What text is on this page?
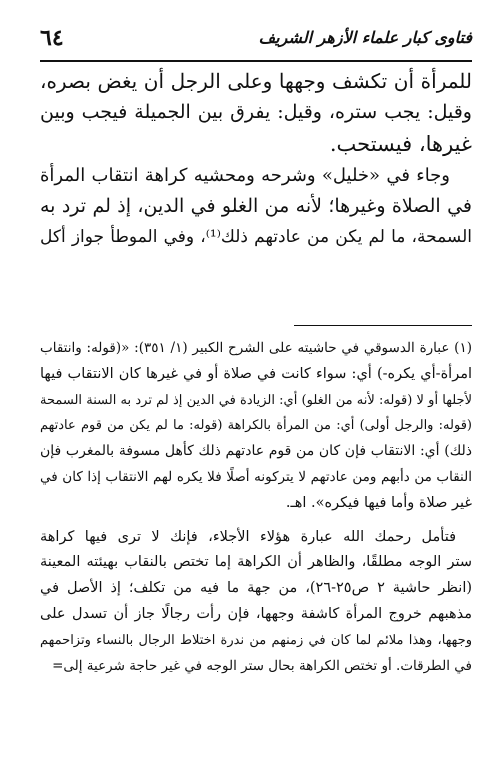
٦٤	فتاوى كبار علماء الأزهر الشريف
للمرأة أن تكشف وجهها وعلى الرجل أن يغض بصره،
وقيل: يجب ستره، وقيل: يفرق بين الجميلة فيجب وبين
غيرها، فيستحب.
وجاء في «خليل» وشرحه ومحشيه كراهة انتقاب المرأة
في الصلاة وغيرها؛ لأنه من الغلو في الدين، إذ لم ترد به
السمحة، ما لم يكن من عادتهم ذلك⁽¹⁾، وفي الموطأ جواز أكل
(١) عبارة الدسوقي في حاشيته على الشرح الكبير (١/ ٣٥١): «(قوله: وانتقاب
امرأة-أي يكره-) أي: سواء كانت في صلاة أو في غيرها كان الانتقاب فيها
لأجلها أو لا (قوله: لأنه من الغلو) أي: الزيادة في الدين إذ لم ترد به السنة السمحة
(قوله: والرجل أولى) أي: من المرأة بالكراهة (قوله: ما لم يكن من قوم عادتهم
ذلك) أي: الانتقاب فإن كان من قوم عادتهم ذلك كأهل مسوفة بالمغرب فإن
النقاب من دأبهم ومن عادتهم لا يتركونه أصلًا فلا يكره لهم الانتقاب إذا كان في
غير صلاة وأما فيها فيكره». اهـ.
فتأمل رحمك الله عبارة هؤلاء الأجلاء، فإنك لا ترى فيها كراهة
ستر الوجه مطلقًا، والظاهر أن الكراهة إما تختص بالنقاب بهيئته المعينة
(انظر حاشية ٢ ص٢٥-٢٦)، من جهة ما فيه من تكلف؛ إذ الأصل في
مذهبهم خروج المرأة كاشفة وجهها، فإن رأت رجالًا جاز أن تسدل على
وجهها، وهذا ملائم لما كان في زمنهم من ندرة اختلاط الرجال بالنساء وتزاحمهم
في الطرقات. أو تختص الكراهة بحال ستر الوجه في غير حاجة شرعية إلى=
